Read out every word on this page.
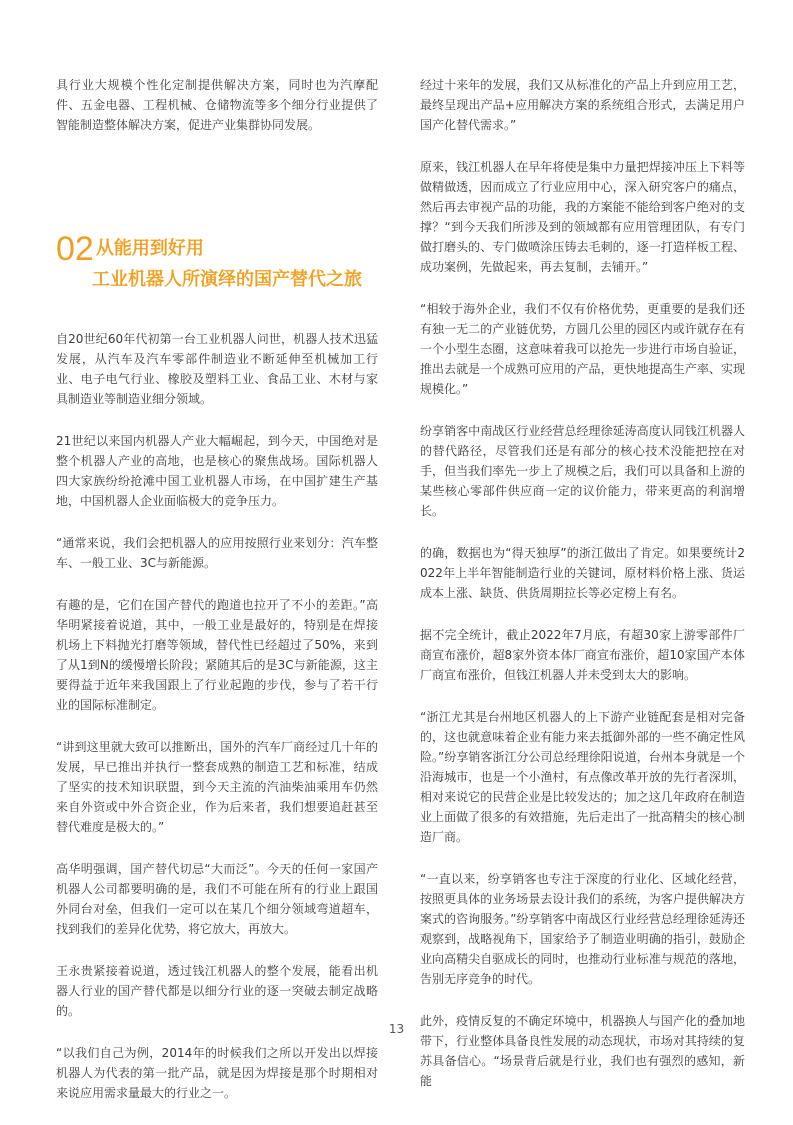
具行业大规模个性化定制提供解决方案，同时也为汽摩配件、五金电器、工程机械、仓储物流等多个细分行业提供了智能制造整体解决方案，促进产业集群协同发展。

02 从能用到好用
工业机器人所演绎的国产替代之旅

自20世纪60年代初第一台工业机器人问世，机器人技术迅猛发展，从汽车及汽车零部件制造业不断延伸至机械加工行业、电子电气行业、橡胶及塑料工业、食品工业、木材与家具制造业等制造业细分领域。

21世纪以来国内机器人产业大幅崛起，到今天，中国绝对是整个机器人产业的高地，也是核心的聚焦战场。国际机器人四大家族纷纷抢滩中国工业机器人市场，在中国扩建生产基地，中国机器人企业面临极大的竞争压力。

“通常来说，我们会把机器人的应用按照行业来划分：汽车整车、一般工业、3C与新能源。

有趣的是，它们在国产替代的跑道也拉开了不小的差距。”高华明紧接着说道，其中，一般工业是最好的，特别是在焊接机场上下料抛光打磨等领域，替代性已经超过了50%，来到了从1到N的缓慢增长阶段；紧随其后的是3C与新能源，这主要得益于近年来我国跟上了行业起跑的步伐，参与了若干行业的国际标准制定。

“讲到这里就大致可以推断出，国外的汽车厂商经过几十年的发展，早已推出并执行一整套成熟的制造工艺和标准，结成了坚实的技术知识联盟，到今天主流的汽油柴油乘用车仍然来自外资或中外合资企业，作为后来者，我们想要追赶甚至替代难度是极大的。”

高华明强调，国产替代切忌“大而泛”。今天的任何一家国产机器人公司都要明确的是，我们不可能在所有的行业上跟国外同台对垒，但我们一定可以在某几个细分领域弯道超车，找到我们的差异化优势，将它放大，再放大。

王永贵紧接着说道，透过钱江机器人的整个发展，能看出机器人行业的国产替代都是以细分行业的逐一突破去制定战略的。

“以我们自己为例，2014年的时候我们之所以开发出以焊接机器人为代表的第一批产品，就是因为焊接是那个时期相对来说应用需求量最大的行业之一。

经过十来年的发展，我们又从标准化的产品上升到应用工艺，最终呈现出产品+应用解决方案的系统组合形式，去满足用户国产化替代需求。”

原来，钱江机器人在早年将使是集中力量把焊接冲压上下料等做精做透，因而成立了行业应用中心，深入研究客户的痛点，然后再去审视产品的功能，我的方案能不能给到客户绝对的支撑？“到今天我们所涉及到的领域都有应用管理团队，有专门做打磨头的、专门做喷涂压铸去毛刺的，逐一打造样板工程、成功案例，先做起来，再去复制，去铺开。”

“相较于海外企业，我们不仅有价格优势，更重要的是我们还有独一无二的产业链优势，方圆几公里的园区内或许就存在有一个小型生态圈，这意味着我可以抢先一步进行市场自验证，推出去就是一个成熟可应用的产品，更快地提高生产率、实现规模化。”

纷享销客中南战区行业经营总经理徐延涛高度认同钱江机器人的替代路径，尽管我们还是有部分的核心技术没能把控在对手，但当我们率先一步上了规模之后，我们可以具备和上游的某些核心零部件供应商一定的议价能力，带来更高的利润增长。

的确，数据也为“得天独厚”的浙江做出了肯定。如果要统计2022年上半年智能制造行业的关键词，原材料价格上涨、货运成本上涨、缺货、供货周期拉长等必定榜上有名。

据不完全统计，截止2022年7月底，有超30家上游零部件厂商宣布涨价，超8家外资本体厂商宣布涨价，超10家国产本体厂商宣布涨价，但钱江机器人并未受到太大的影响。

“浙江尤其是台州地区机器人的上下游产业链配套是相对完备的，这也就意味着企业有能力来去抵御外部的一些不确定性风险。”纷享销客浙江分公司总经理徐阳说道，台州本身就是一个沿海城市，也是一个小渔村，有点像改革开放的先行者深圳，相对来说它的民营企业是比较发达的；加之这几年政府在制造业上面做了很多的有效措施，先后走出了一批高精尖的核心制造厂商。

“一直以来，纷享销客也专注于深度的行业化、区域化经营，按照更具体的业务场景去设计我们的系统，为客户提供解决方案式的咨询服务。”纷享销客中南战区行业经营总经理徐延涛还观察到，战略视角下，国家给予了制造业明确的指引，鼓励企业向高精尖自驱成长的同时，也推动行业标准与规范的落地，告别无序竞争的时代。

此外，疫情反复的不确定环境中，机器换人与国产化的叠加地带下，行业整体具备良性发展的动态现状，市场对其持续的复苏具备信心。“场景背后就是行业，我们也有强烈的感知，新能

13
